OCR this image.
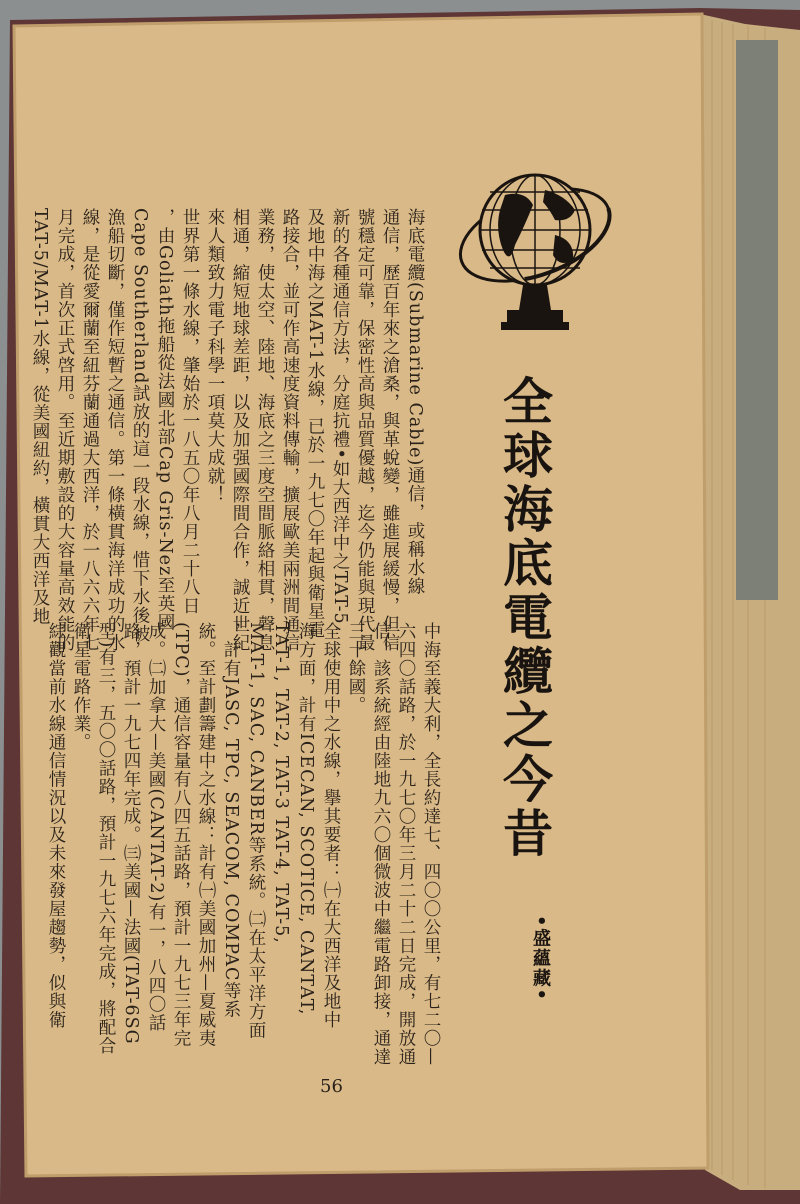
全球海底電纜之今昔
•盛蘊藏•

海底電纜(Submarine Cable)通信，或稱水線
通信，歷百年來之滄桑，與革蛻變，雖進展緩慢，但信
號穩定可靠，保密性高與品質優越，迄今仍能與現代最
新的各種通信方法，分庭抗禮•如大西洋中之TAT-5
及地中海之MAT-1水線，已於一九七〇年起與衛星電
路接合，並可作高速度資料傳輸，擴展歐美兩洲間通信
業務，使太空、陸地、海底之三度空間脈絡相貫，聲息
相通，縮短地球差距，以及加强國際間合作，誠近世紀
來人類致力電子科學一項莫大成就！
世界第一條水線，肇始於一八五〇年八月二十八日
，由Goliath拖船從法國北部Cap Gris-Nez至英國
Cape Southerland試放的這一段水線，惜下水後被
漁船切斷，僅作短暫之通信。第一條橫貫海洋成功的水
線，是從愛爾蘭至紐芬蘭通過大西洋，於一八六六年七
月完成，首次正式啓用。至近期敷設的大容量高效能的
TAT-5/MAT-1水線，從美國紐約，橫貫大西洋及地

中海至義大利，全長約達七、四〇〇公里，有七二〇—
六四〇話路，於一九七〇年三月二十二日完成，開放通
信。該系統經由陸地九六〇個微波中繼電路卸接，通達
三十餘國。
全球使用中之水線，擧其要者：㈠在大西洋及地中
海方面，計有ICECAN, SCOTICE, CANTAT,
TAT-1, TAT-2, TAT-3 TAT-4, TAT-5,
MAT-1, SAC, CANBER等系統。㈡在太平洋方面
，計有JASC, TPC, SEACOM, COMPAC等系
統。至計劃籌建中之水線：計有㈠美國加州—夏威夷
(TPC)，通信容量有八四五話路，預計一九七三年完
成。㈡加拿大—美國(CANTAT-2)有一，八四〇話
路，預計一九七四年完成。㈢美國—法國(TAT-6SG
型)有三，五〇〇話路，預計一九七六年完成，將配合
衛星電路作業。
綜觀當前水線通信情況以及未來發屋趨勢，似與衛

56
